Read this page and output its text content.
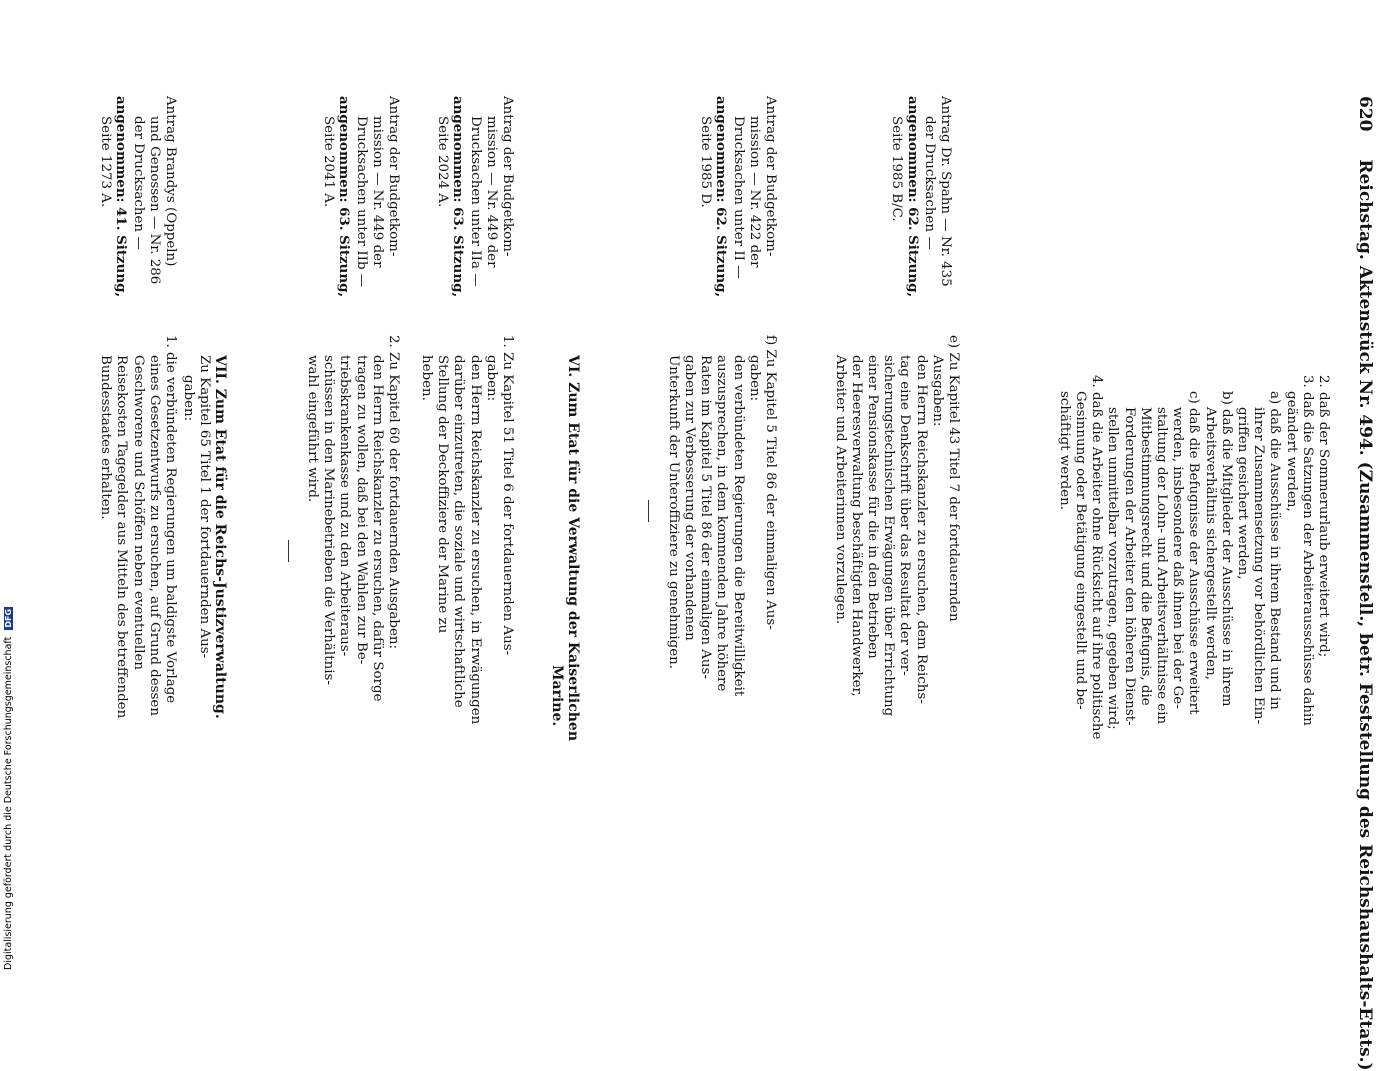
620 Reichstag. Aktenstück Nr. 494. (Zusammenstell., betr. Feststellung des Reichshaushalts-Etats.)
2. daß der Sommerurlaub erweitert wird;
3. daß die Satzungen der Arbeiterausschüsse dahin
geändert werden,
a) daß die Ausschüsse in ihrem Bestand und in
ihrer Zusammensetzung vor behördlichen Ein-
griffen gesichert werden,
b) daß die Mitglieder der Ausschüsse in ihrem
Arbeitsverhältnis sichergestellt werden,
c) daß die Befugnisse der Ausschüsse erweitert
werden, insbesondere daß ihnen bei der Ge-
staltung der Lohn- und Arbeitsverhältnisse ein
Mitbestimmungsrecht und die Befugnis, die
Forderungen der Arbeiter den höheren Dienst-
stellen unmittelbar vorzutragen, gegeben wird;
4. daß die Arbeiter ohne Rücksicht auf ihre politische
Gesinnung oder Betätigung eingestellt und be-
schäftigt werden.
Antrag Dr. Spahn — Nr. 435
der Drucksachen —
angenommen: 62. Sitzung,
Seite 1985 B/C.
e) Zu Kapitel 43 Titel 7 der fortdauernden
Ausgaben:
den Herrn Reichskanzler zu ersuchen, dem Reichs-
tag eine Denkschrift über das Resultat der ver-
sicherungstechnischen Erwägungen über Errichtung
einer Pensionskasse für die in den Betrieben
der Heeresverwaltung beschäftigten Handwerker,
Arbeiter und Arbeiterinnen vorzulegen.
Antrag der Budgetkom-
mission — Nr. 422 der
Drucksachen unter II —
angenommen: 62. Sitzung,
Seite 1985 D.
f) Zu Kapitel 5 Titel 86 der einmaligen Aus-
gaben:
den verbündeten Regierungen die Bereitwilligkeit
auszusprechen, in dem kommenden Jahre höhere
Raten im Kapitel 5 Titel 86 der einmaligen Aus-
gaben zur Verbesserung der vorhandenen
Unterkunft der Unteroffiziere zu genehmigen.
VI. Zum Etat für die Verwaltung der Kaiserlichen
Marine.
Antrag der Budgetkom-
mission — Nr. 449 der
Drucksachen unter IIa —
angenommen: 63. Sitzung,
Seite 2024 A.
1. Zu Kapitel 51 Titel 6 der fortdauernden Aus-
gaben:
den Herrn Reichskanzler zu ersuchen, in Erwägungen
darüber einzutreten, die soziale und wirtschaftliche
Stellung der Deckoffiziere der Marine zu
heben.
Antrag der Budgetkom-
mission — Nr. 449 der
Drucksachen unter IIb —
angenommen: 63. Sitzung,
Seite 2041 A.
2. Zu Kapitel 60 der fortdauernden Ausgaben:
den Herrn Reichskanzler zu ersuchen, dafür Sorge
tragen zu wollen, daß bei den Wahlen zur Be-
triebskrankenkasse und zu den Arbeiteraus-
schüssen in den Marinebetrieben die Verhältnis-
wahl eingeführt wird.
VII. Zum Etat für die Reichs-Justizverwaltung.
Zu Kapitel 65 Titel 1 der fortdauernden Aus-
gaben:
Antrag Brandys (Oppeln)
und Genossen — Nr. 286
der Drucksachen —
angenommen: 41. Sitzung,
Seite 1273 A.
1. die verbündeten Regierungen um baldigste Vorlage
eines Gesetzentwurfs zu ersuchen, auf Grund dessen
Geschworene und Schöffen neben eventuellen
Reisekosten Tagegelder aus Mitteln des betreffenden
Bundesstaates erhalten.
Digitalisierung gefördert durch die Deutsche Forschungsgemeinschaft DFG
